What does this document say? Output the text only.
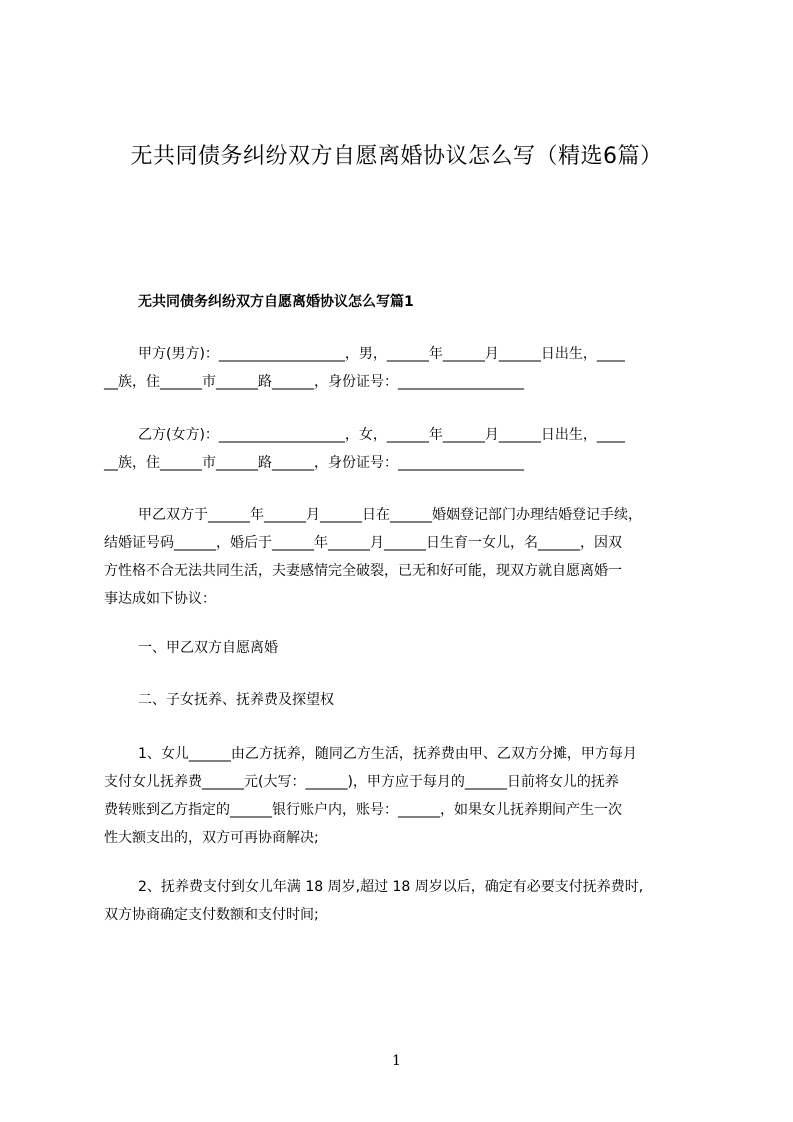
无共同债务纠纷双方自愿离婚协议怎么写（精选6篇）
无共同债务纠纷双方自愿离婚协议怎么写篇1

甲方(男方)：__________________，男，______年______月______日出生，____

__族，住______市______路______，身份证号：__________________

乙方(女方)：__________________，女，______年______月______日出生，____

__族，住______市______路______，身份证号：__________________

甲乙双方于______年______月______日在______婚姻登记部门办理结婚登记手续，

结婚证号码______，婚后于______年______月______日生育一女儿，名______，因双

方性格不合无法共同生活，夫妻感情完全破裂，已无和好可能，现双方就自愿离婚一

事达成如下协议：

一、甲乙双方自愿离婚
二、子女抚养、抚养费及探望权

1、女儿______由乙方抚养，随同乙方生活，抚养费由甲、乙双方分摊，甲方每月

支付女儿抚养费______元(大写：______)，甲方应于每月的______日前将女儿的抚养

费转账到乙方指定的______银行账户内，账号：______，如果女儿抚养期间产生一次

性大额支出的，双方可再协商解决;

2、抚养费支付到女儿年满 18 周岁,超过 18 周岁以后，确定有必要支付抚养费时,

双方协商确定支付数额和支付时间;

1
